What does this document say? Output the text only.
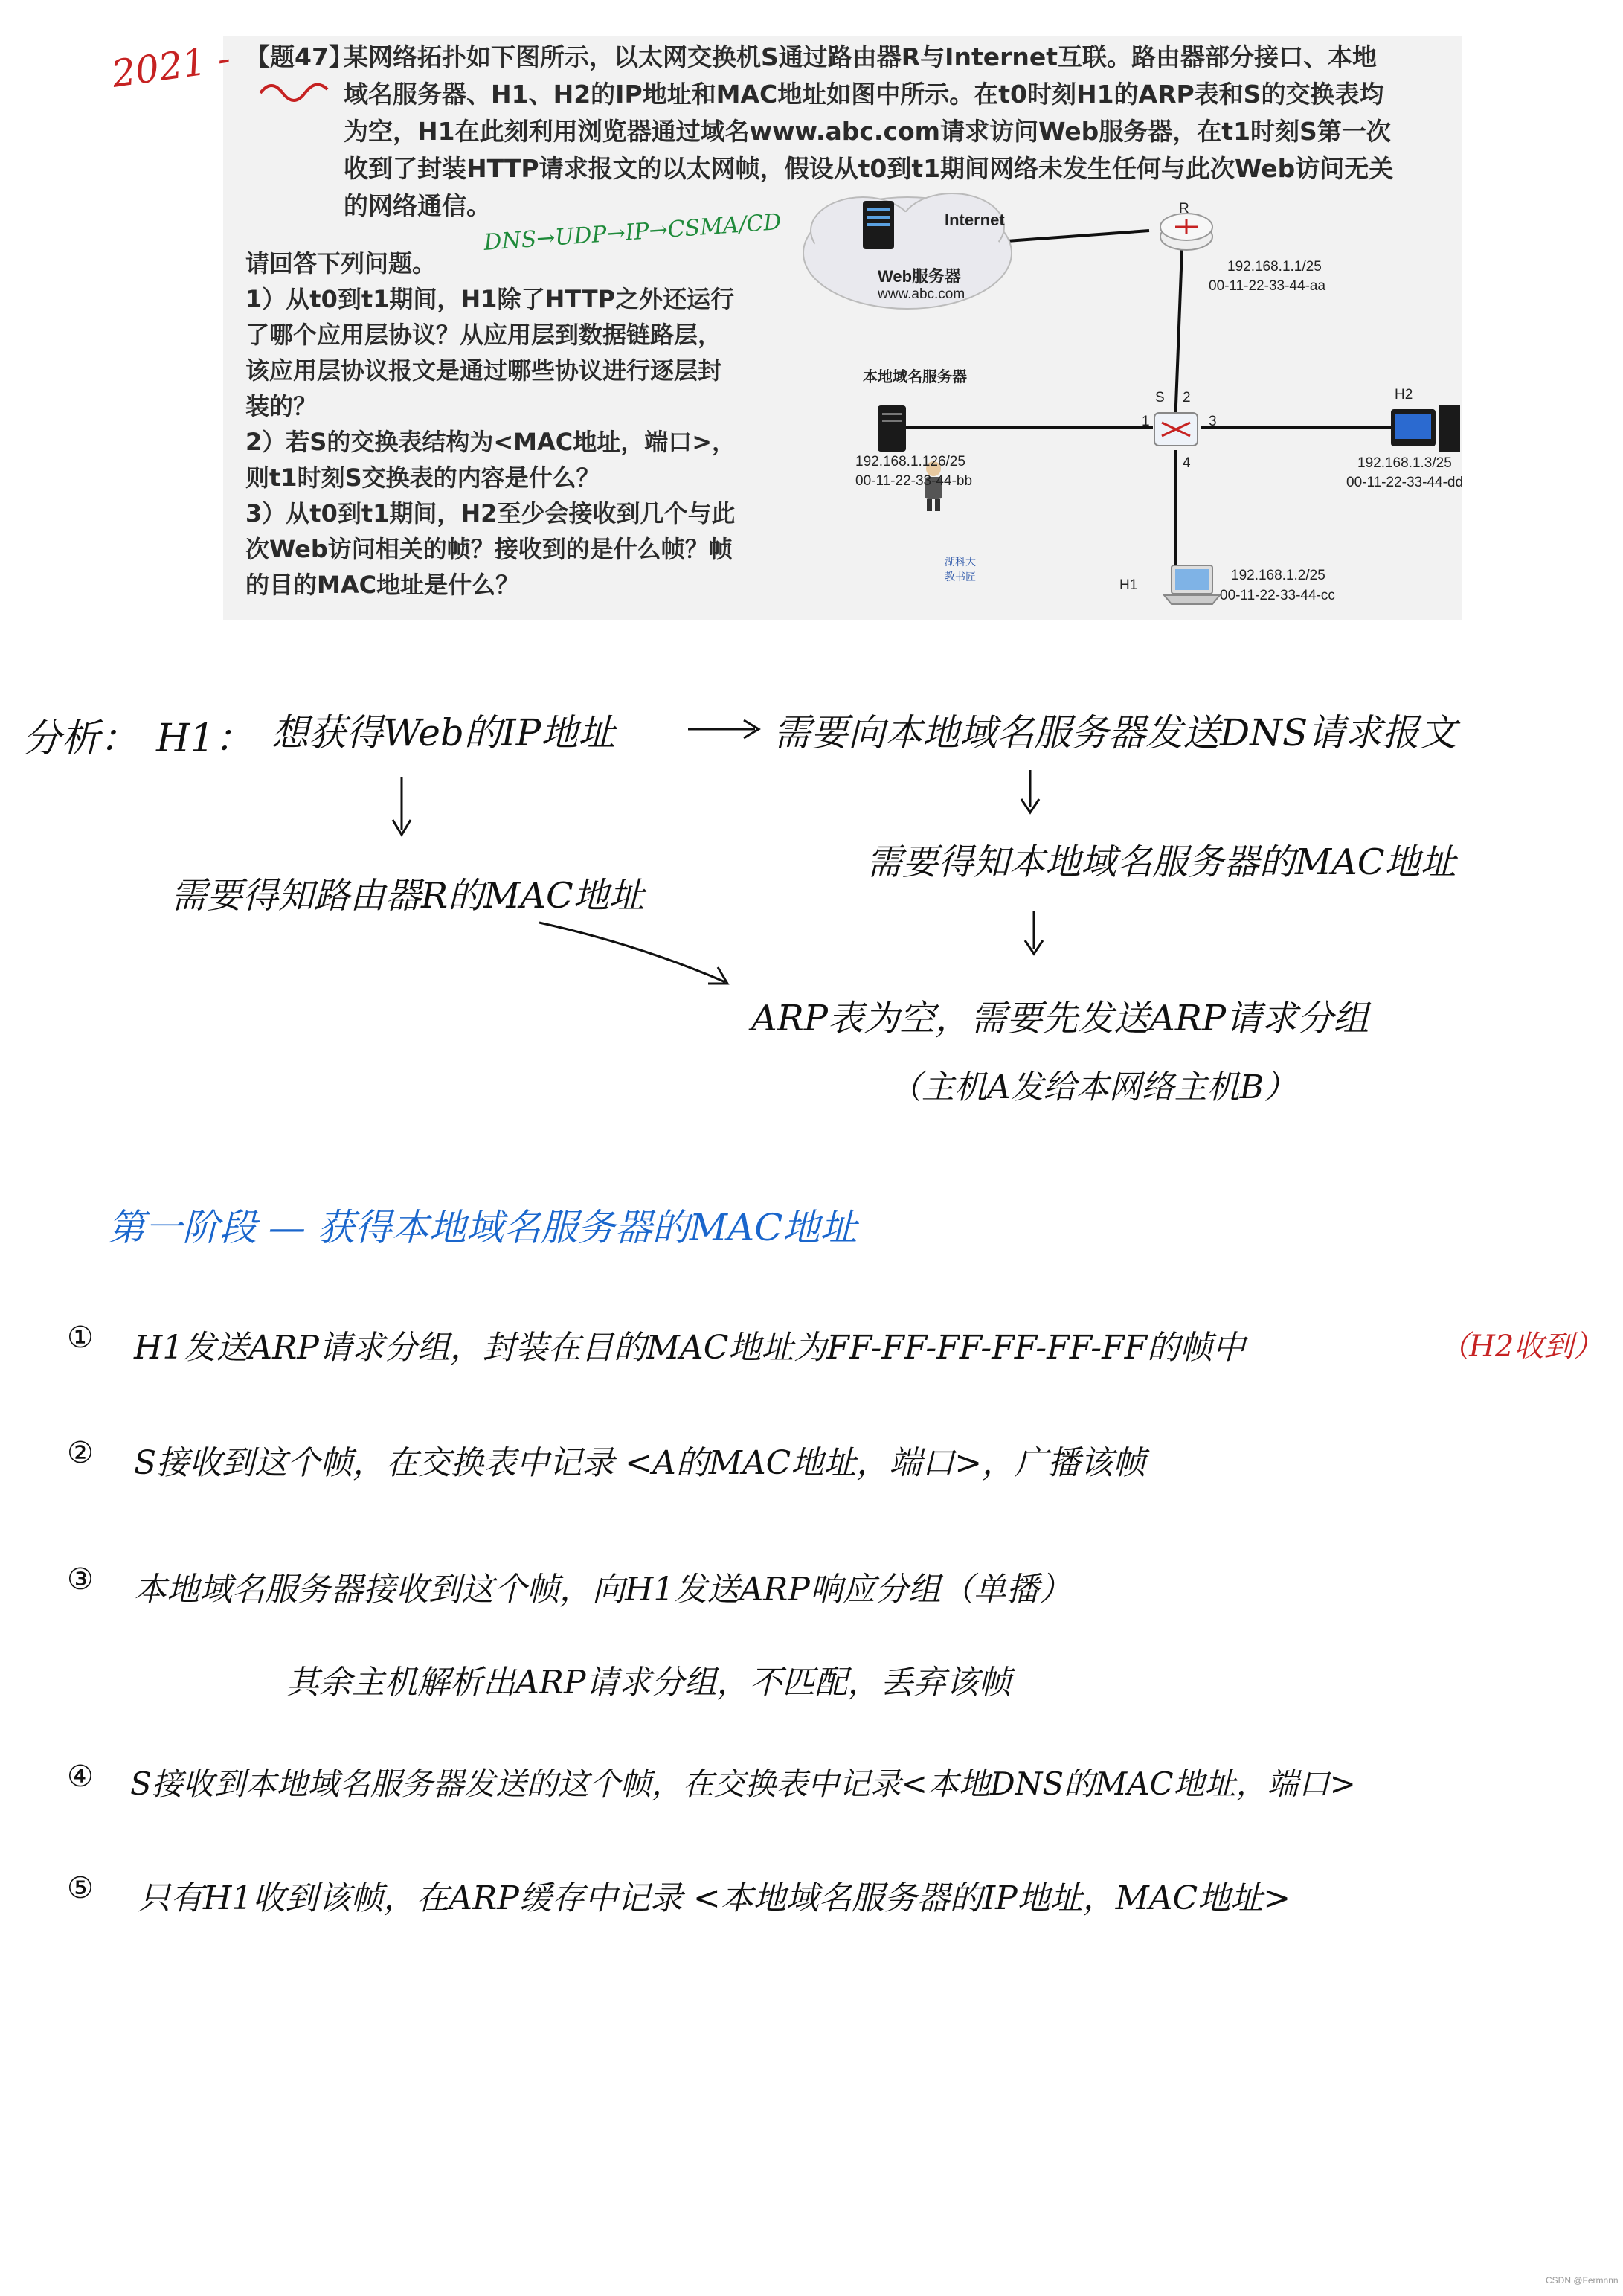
2021 - 【题47】
某网络拓扑如下图所示，以太网交换机S通过路由器R与Internet互联。路由器部分接口、本地
域名服务器、H1、H2的IP地址和MAC地址如图中所示。在t0时刻H1的ARP表和S的交换表均
为空，H1在此刻利用浏览器通过域名www.abc.com请求访问Web服务器，在t1时刻S第一次
收到了封装HTTP请求报文的以太网帧，假设从t0到t1期间网络未发生任何与此次Web访问无关
的网络通信。
DNS→UDP→IP→CSMA/CD
请回答下列问题。
1）从t0到t1期间，H1除了HTTP之外还运行
了哪个应用层协议？从应用层到数据链路层，
该应用层协议报文是通过哪些协议进行逐层封
装的？
2）若S的交换表结构为<MAC地址，端口>，
则t1时刻S交换表的内容是什么？
3）从t0到t1期间，H2至少会接收到几个与此
次Web访问相关的帧？接收到的是什么帧？帧
的目的MAC地址是什么？
Internet
Web服务器
www.abc.com
R
192.168.1.1/25
00-11-22-33-44-aa
本地域名服务器
192.168.1.126/25
00-11-22-33-44-bb
S 2
1	3
4
H2
192.168.1.3/25
00-11-22-33-44-dd
H1
192.168.1.2/25
00-11-22-33-44-cc
湖科大
教书匠
分析： H1： 想获得Web的IP地址	需要向本地域名服务器发送DNS请求报文
需要得知本地域名服务器的MAC地址
需要得知路由器R的MAC地址
ARP表为空，需要先发送ARP请求分组
（主机A发给本网络主机B）
第一阶段 — 获得本地域名服务器的MAC地址
① H1发送ARP请求分组，封装在目的MAC地址为FF-FF-FF-FF-FF-FF的帧中	（H2收到）
② S接收到这个帧，在交换表中记录 <A的MAC地址，端口>，广播该帧
③ 本地域名服务器接收到这个帧，向H1发送ARP响应分组（单播）
其余主机解析出ARP请求分组，不匹配，丢弃该帧
④ S接收到本地域名服务器发送的这个帧，在交换表中记录<本地DNS的MAC地址，端口>
⑤ 只有H1收到该帧，在ARP缓存中记录 <本地域名服务器的IP地址，MAC地址>
CSDN @Fermnnn
